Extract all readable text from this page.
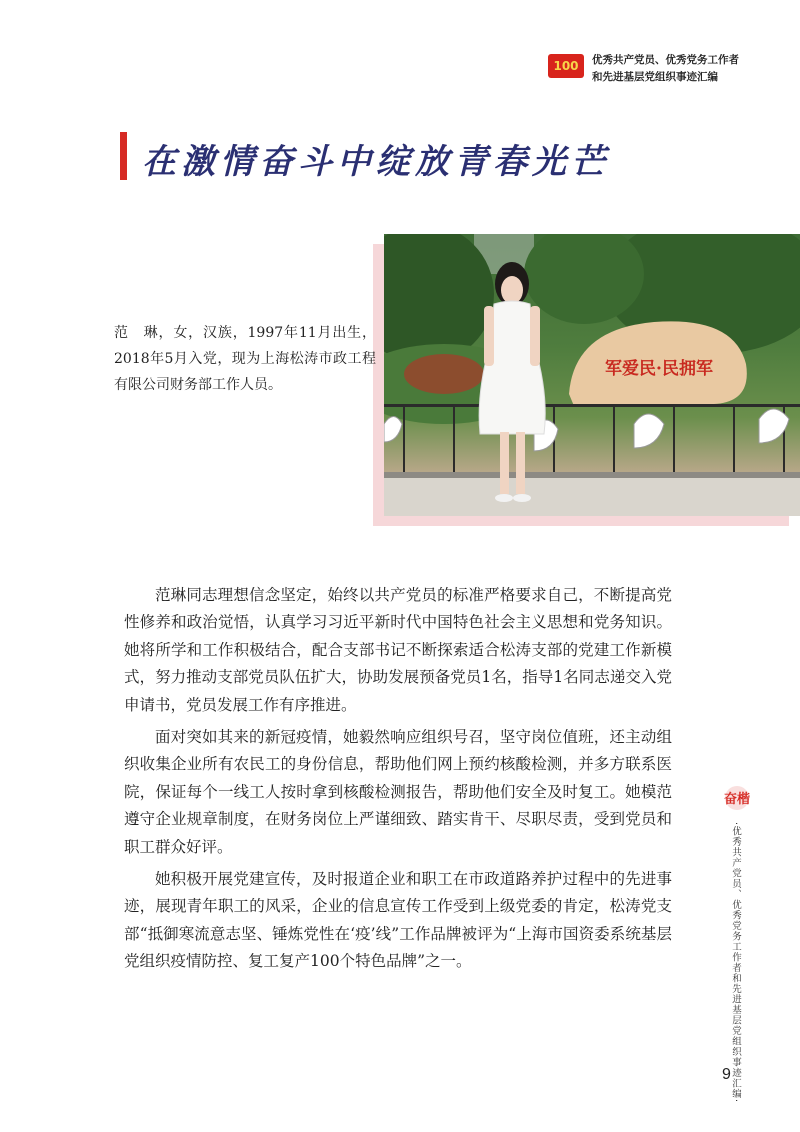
100	优秀共产党员、优秀党务工作者
和先进基层党组织事迹汇编
在激情奋斗中绽放青春光芒
军爱民·民拥军

范　琳，女，汉族，1997年11月出生，2018年5月入党，现为上海松涛市政工程有限公司财务部工作人员。

范琳同志理想信念坚定，始终以共产党员的标准严格要求自己，不断提高党性修养和政治觉悟，认真学习习近平新时代中国特色社会主义思想和党务知识。她将所学和工作积极结合，配合支部书记不断探索适合松涛支部的党建工作新模式，努力推动支部党员队伍扩大，协助发展预备党员1名，指导1名同志递交入党申请书，党员发展工作有序推进。

面对突如其来的新冠疫情，她毅然响应组织号召，坚守岗位值班，还主动组织收集企业所有农民工的身份信息，帮助他们网上预约核酸检测，并多方联系医院，保证每个一线工人按时拿到核酸检测报告，帮助他们安全及时复工。她模范遵守企业规章制度，在财务岗位上严谨细致、踏实肯干、尽职尽责，受到党员和职工群众好评。

她积极开展党建宣传，及时报道企业和职工在市政道路养护过程中的先进事迹，展现青年职工的风采，企业的信息宣传工作受到上级党委的肯定，松涛党支部“抵御寒流意志坚、锤炼党性在‘疫’线”工作品牌被评为“上海市国资委系统基层党组织疫情防控、复工复产100个特色品牌”之一。

奋楷
·优秀共产党员、优秀党务工作者和先进基层党组织事迹汇编·
9
